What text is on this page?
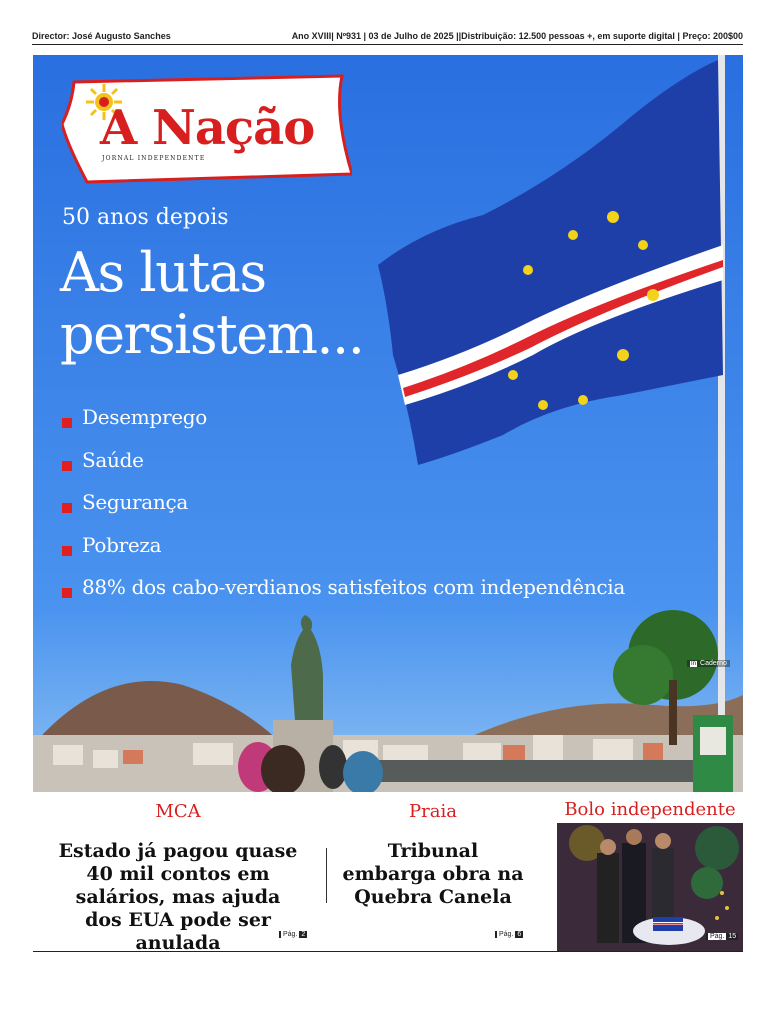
Director: José Augusto Sanches	Ano XVIII| Nº931 | 03 de Julho de 2025 ||Distribuição: 12.500 pessoas +, em suporte digital | Preço: 200$00
In Caderno
A Nação
JORNAL INDEPENDENTE
50 anos depois
As lutas
persistem...
Desemprego
Saúde
Segurança
Pobreza
88% dos cabo-verdianos satisfeitos com independência
MCA
Estado já pagou quase 40 mil contos em salários, mas ajuda dos EUA pode ser anulada	Pág. 2
Praia
Tribunal embarga obra na Quebra Canela
Pág. 6
Bolo independente
Pág. 15
